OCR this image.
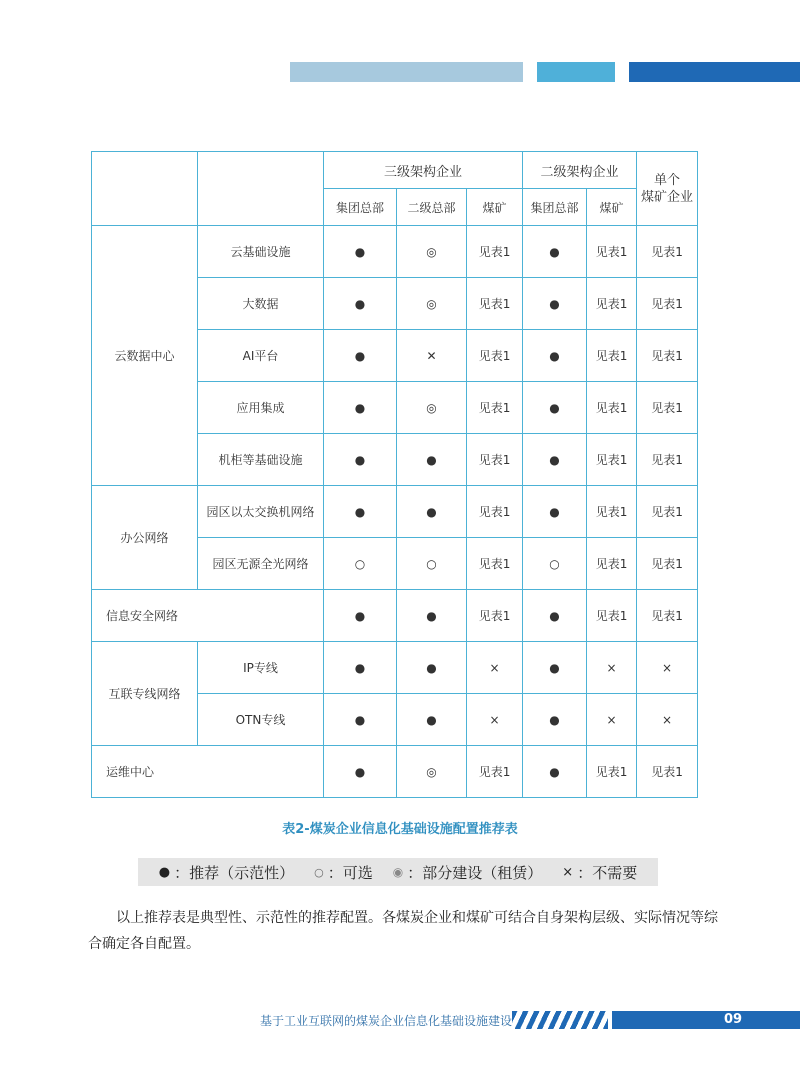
		三级架构企业			二级架构企业		单个
煤矿企业
		集团总部	二级总部	煤矿	集团总部	煤矿	
云数据中心	云基础设施	●	◎	见表1	●	见表1	见表1
	大数据	●	◎	见表1	●	见表1	见表1
	AI平台	●	✕	见表1	●	见表1	见表1
	应用集成	●	◎	见表1	●	见表1	见表1
	机柜等基础设施	●	●	见表1	●	见表1	见表1
办公网络	园区以太交换机网络	●	●	见表1	●	见表1	见表1
	园区无源全光网络	○	○	见表1	○	见表1	见表1
信息安全网络		●	●	见表1	●	见表1	见表1
互联专线网络	IP专线	●	●	×	●	×	×
	OTN专线	●	●	×	●	×	×
运维中心		●	◎	见表1	●	见表1	见表1
表2-煤炭企业信息化基础设施配置推荐表
● ：推荐（示范性） ○ ：可选 ◉ ：部分建设（租赁） × ：不需要
　　以上推荐表是典型性、示范性的推荐配置。各煤炭企业和煤矿可结合自身架构层级、实际情况等综合确定各自配置。
基于工业互联网的煤炭企业信息化基础设施建设	09
